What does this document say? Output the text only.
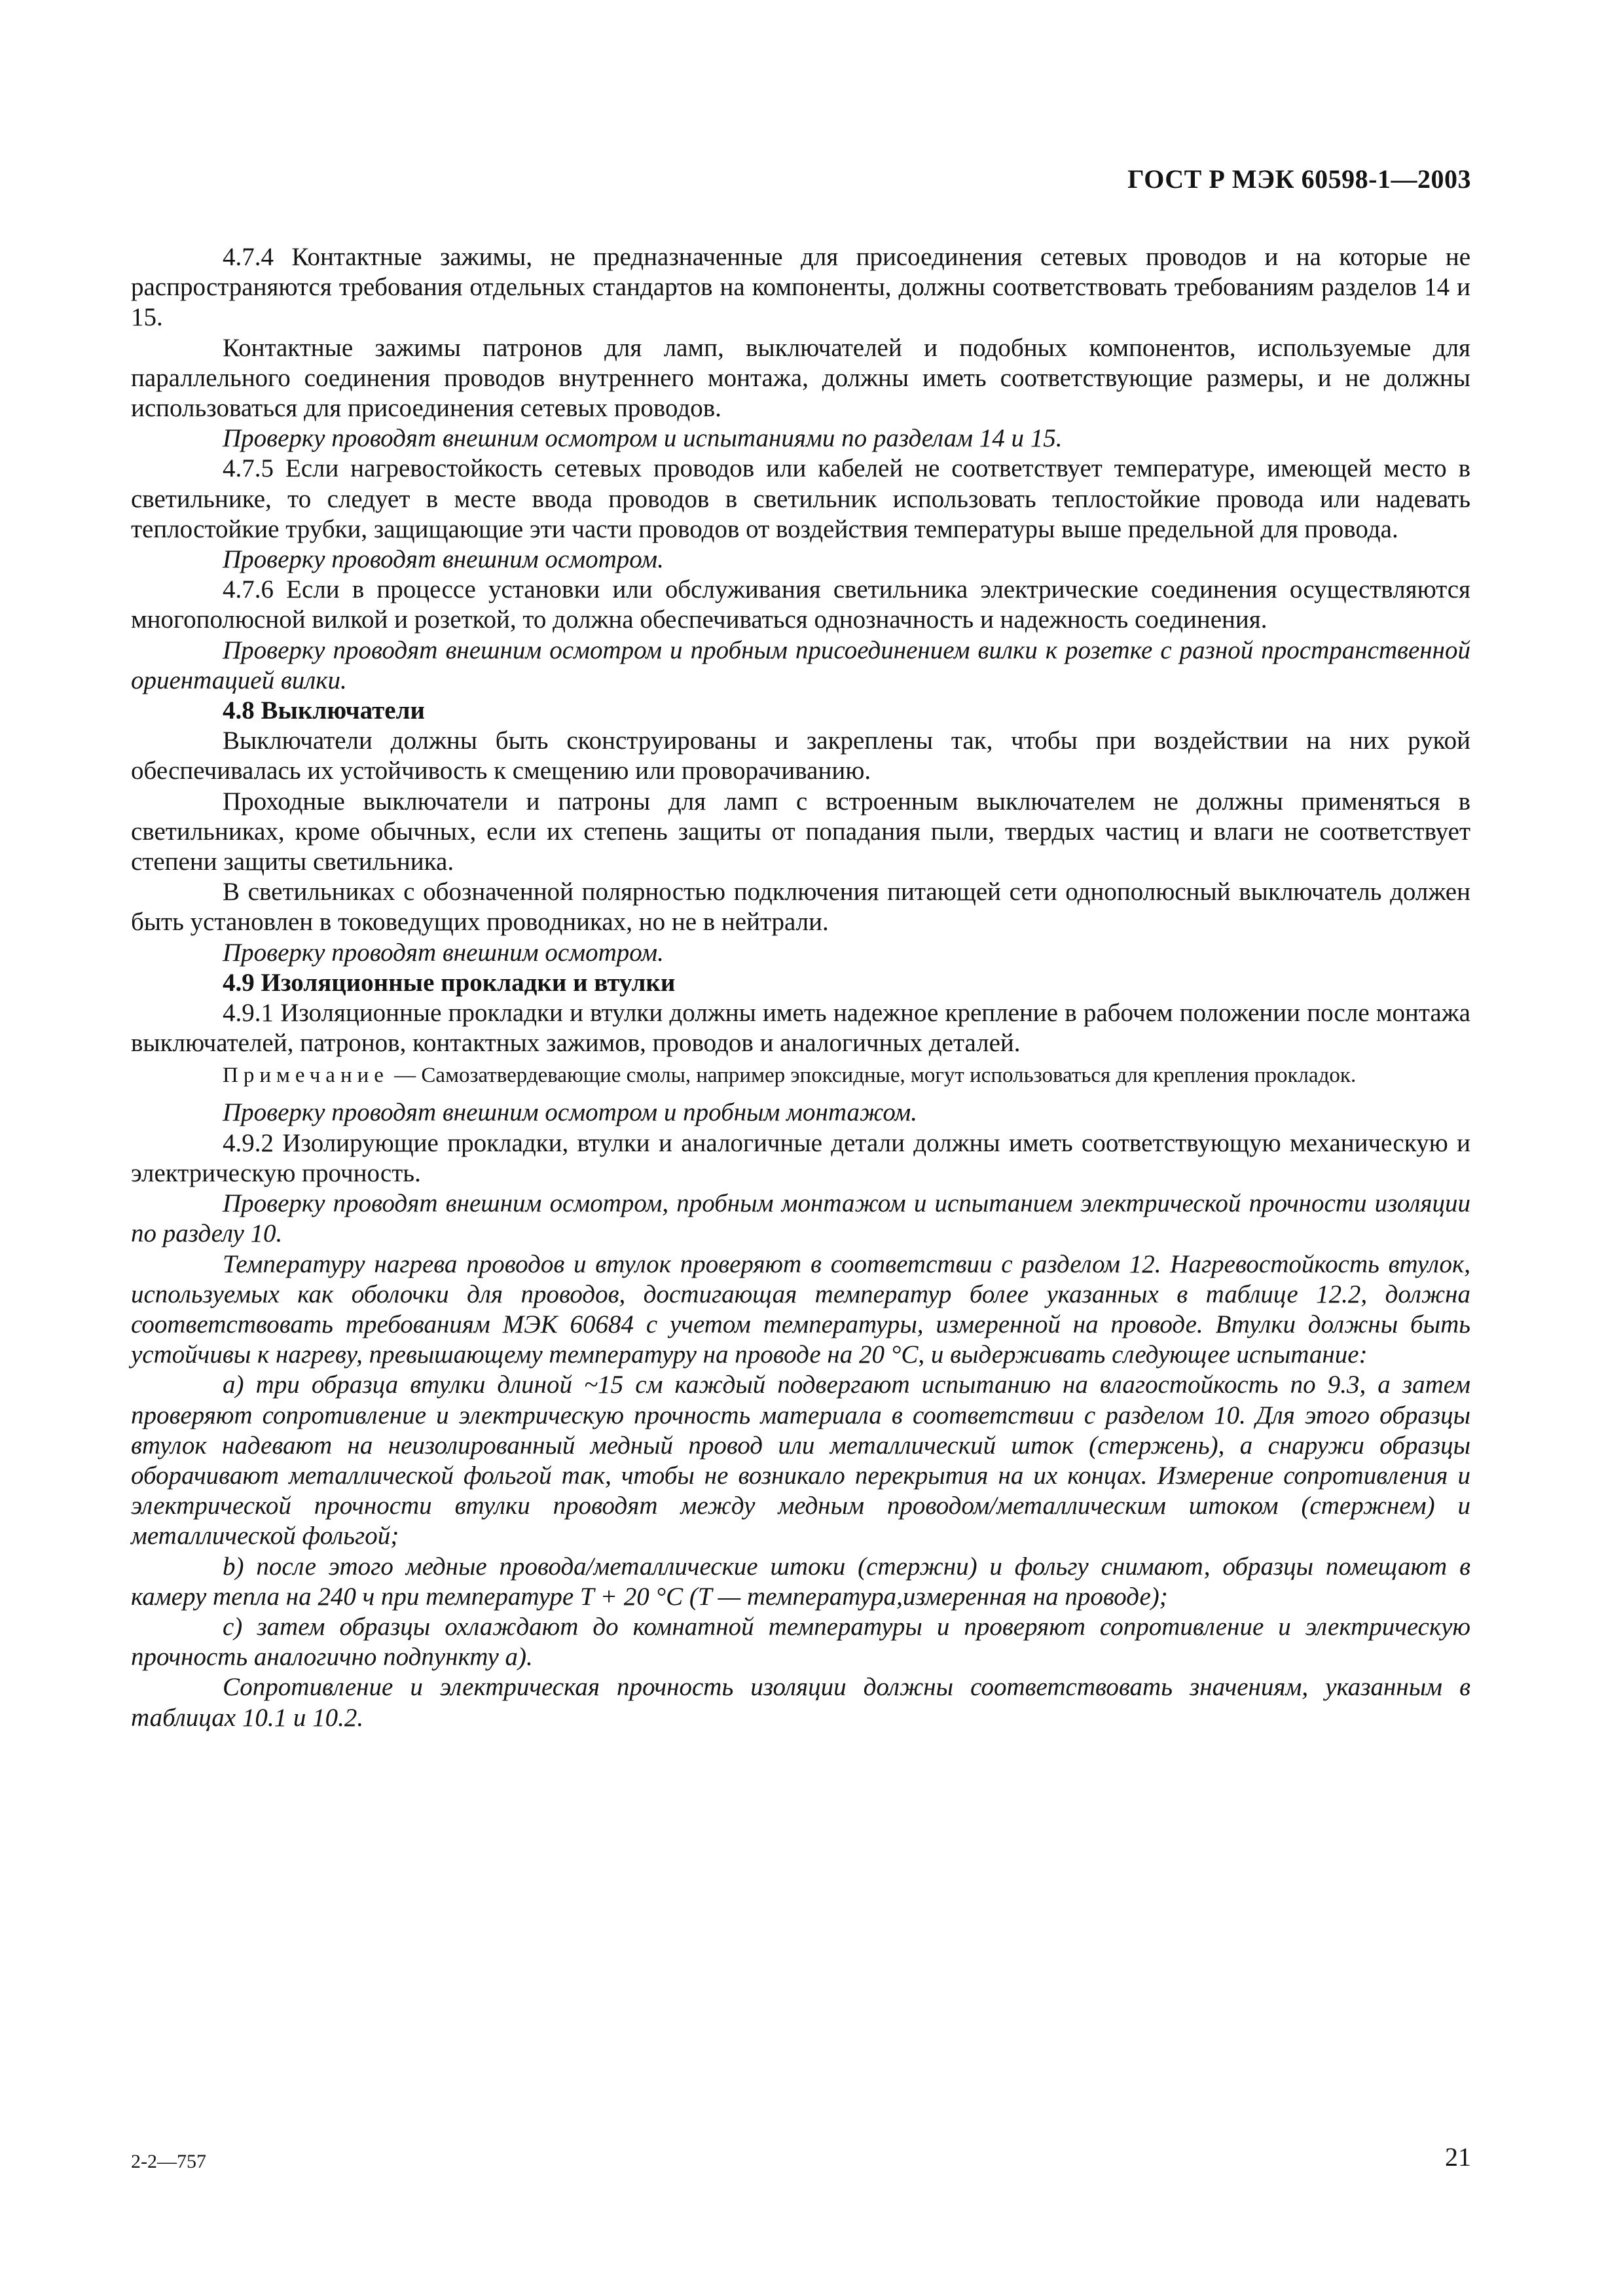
ГОСТ Р МЭК 60598-1—2003

4.7.4 Контактные зажимы, не предназначенные для присоединения сетевых проводов и на которые не распространяются требования отдельных стандартов на компоненты, должны соответствовать требованиям разделов 14 и 15.

Контактные зажимы патронов для ламп, выключателей и подобных компонентов, используемые для параллельного соединения проводов внутреннего монтажа, должны иметь соответствующие размеры, и не должны использоваться для присоединения сетевых проводов.

Проверку проводят внешним осмотром и испытаниями по разделам 14 и 15.

4.7.5 Если нагревостойкость сетевых проводов или кабелей не соответствует температуре, имеющей место в светильнике, то следует в месте ввода проводов в светильник использовать теплостойкие провода или надевать теплостойкие трубки, защищающие эти части проводов от воздействия температуры выше предельной для провода.

Проверку проводят внешним осмотром.

4.7.6 Если в процессе установки или обслуживания светильника электрические соединения осуществляются многополюсной вилкой и розеткой, то должна обеспечиваться однозначность и надежность соединения.

Проверку проводят внешним осмотром и пробным присоединением вилки к розетке с разной пространственной ориентацией вилки.

4.8 Выключатели

Выключатели должны быть сконструированы и закреплены так, чтобы при воздействии на них рукой обеспечивалась их устойчивость к смещению или проворачиванию.

Проходные выключатели и патроны для ламп с встроенным выключателем не должны применяться в светильниках, кроме обычных, если их степень защиты от попадания пыли, твердых частиц и влаги не соответствует степени защиты светильника.

В светильниках с обозначенной полярностью подключения питающей сети однополюсный выключатель должен быть установлен в токоведущих проводниках, но не в нейтрали.

Проверку проводят внешним осмотром.

4.9 Изоляционные прокладки и втулки

4.9.1 Изоляционные прокладки и втулки должны иметь надежное крепление в рабочем положении после монтажа выключателей, патронов, контактных зажимов, проводов и аналогичных деталей.

Примечание — Самозатвердевающие смолы, например эпоксидные, могут использоваться для крепления прокладок.

Проверку проводят внешним осмотром и пробным монтажом.

4.9.2 Изолирующие прокладки, втулки и аналогичные детали должны иметь соответствующую механическую и электрическую прочность.

Проверку проводят внешним осмотром, пробным монтажом и испытанием электрической прочности изоляции по разделу 10.

Температуру нагрева проводов и втулок проверяют в соответствии с разделом 12. Нагревостойкость втулок, используемых как оболочки для проводов, достигающая температур более указанных в таблице 12.2, должна соответствовать требованиям МЭК 60684 с учетом температуры, измеренной на проводе. Втулки должны быть устойчивы к нагреву, превышающему температуру на проводе на 20 °С, и выдерживать следующее испытание:

а) три образца втулки длиной ~15 см каждый подвергают испытанию на влагостойкость по 9.3, а затем проверяют сопротивление и электрическую прочность материала в соответствии с разделом 10. Для этого образцы втулок надевают на неизолированный медный провод или металлический шток (стержень), а снаружи образцы оборачивают металлической фольгой так, чтобы не возникало перекрытия на их концах. Измерение сопротивления и электрической прочности втулки проводят между медным проводом/металлическим штоком (стержнем) и металлической фольгой;

b) после этого медные провода/металлические штоки (стержни) и фольгу снимают, образцы помещают в камеру тепла на 240 ч при температуре T + 20 °С (T — температура,измеренная на проводе);

с) затем образцы охлаждают до комнатной температуры и проверяют сопротивление и электрическую прочность аналогично подпункту а).

Сопротивление и электрическая прочность изоляции должны соответствовать значениям, указанным в таблицах 10.1 и 10.2.

2-2—757	21
